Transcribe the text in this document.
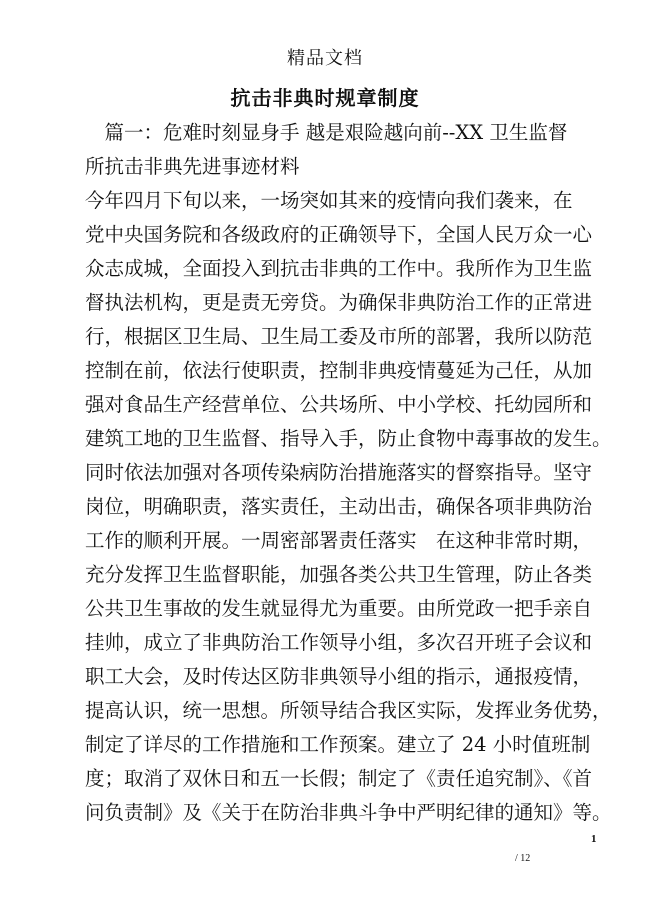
精品文档
抗击非典时规章制度
　篇一：危难时刻显身手 越是艰险越向前--XX 卫生监督
所抗击非典先进事迹材料
今年四月下旬以来，一场突如其来的疫情向我们袭来，在
党中央国务院和各级政府的正确领导下，全国人民万众一心
众志成城，全面投入到抗击非典的工作中。我所作为卫生监
督执法机构，更是责无旁贷。为确保非典防治工作的正常进
行，根据区卫生局、卫生局工委及市所的部署，我所以防范
控制在前，依法行使职责，控制非典疫情蔓延为己任，从加
强对食品生产经营单位、公共场所、中小学校、托幼园所和
建筑工地的卫生监督、指导入手，防止食物中毒事故的发生。
同时依法加强对各项传染病防治措施落实的督察指导。坚守
岗位，明确职责，落实责任，主动出击，确保各项非典防治
工作的顺利开展。一周密部署责任落实　在这种非常时期，
充分发挥卫生监督职能，加强各类公共卫生管理，防止各类
公共卫生事故的发生就显得尤为重要。由所党政一把手亲自
挂帅，成立了非典防治工作领导小组，多次召开班子会议和
职工大会，及时传达区防非典领导小组的指示，通报疫情，
提高认识，统一思想。所领导结合我区实际，发挥业务优势，
制定了详尽的工作措施和工作预案。建立了 24 小时值班制
度；取消了双休日和五一长假；制定了《责任追究制》、《首
问负责制》及《关于在防治非典斗争中严明纪律的通知》等。
1
/ 12
